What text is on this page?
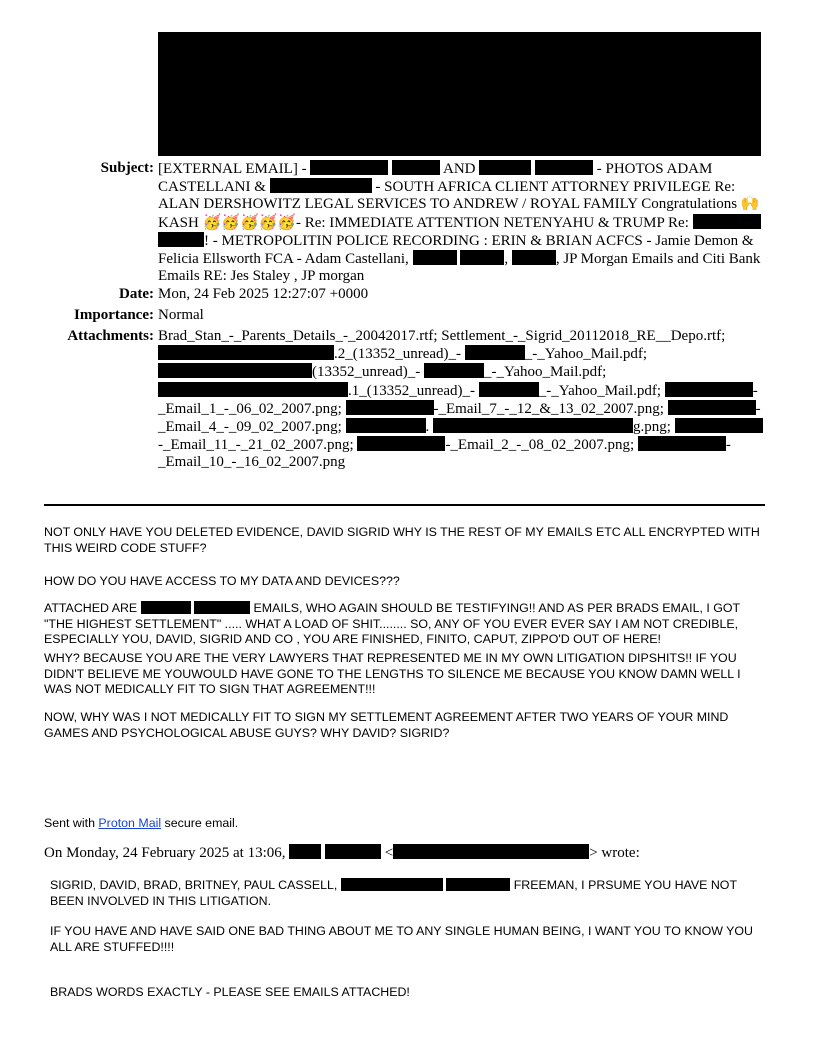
Subject: [EXTERNAL EMAIL] -	AND	- PHOTOS ADAM CASTELLANI &	- SOUTH AFRICA CLIENT ATTORNEY PRIVILEGE Re: ALAN DERSHOWITZ LEGAL SERVICES TO ANDREW / ROYAL FAMILY Congratulations 🙌 KASH 🥳🥳🥳🥳🥳- Re: IMMEDIATE ATTENTION NETENYAHU & TRUMP Re:  ! - METROPOLITIN POLICE RECORDING : ERIN & BRIAN ACFCS - Jamie Demon & Felicia Ellsworth FCA - Adam Castellani,	,	, JP Morgan Emails and Citi Bank Emails RE: Jes Staley , JP morgan
Date: Mon, 24 Feb 2025 12:27:07 +0000
Importance: Normal
Attachments: Brad_Stan_-_Parents_Details_-_20042017.rtf; Settlement_-_Sigrid_20112018_RE__Depo.rtf; .2_(13352_unread)_-	_-_Yahoo_Mail.pdf; (13352_unread)_-	_-_Yahoo_Mail.pdf; .1_(13352_unread)_-	_-_Yahoo_Mail.pdf;	-_Email_1_-_06_02_2007.png;	-_Email_7_-_12_&_13_02_2007.png;	-_Email_4_-_09_02_2007.png;	.	g.png; -_Email_11_-_21_02_2007.png;	-_Email_2_-_08_02_2007.png;	-_Email_10_-_16_02_2007.png
NOT ONLY HAVE YOU DELETED EVIDENCE, DAVID SIGRID WHY IS THE REST OF MY EMAILS ETC ALL ENCRYPTED WITH THIS WEIRD CODE STUFF?
HOW DO YOU HAVE ACCESS TO MY DATA AND DEVICES???
ATTACHED ARE	EMAILS, WHO AGAIN SHOULD BE TESTIFYING!! AND AS PER BRADS EMAIL, I GOT "THE HIGHEST SETTLEMENT" ..... WHAT A LOAD OF SHIT........ SO, ANY OF YOU EVER EVER SAY I AM NOT CREDIBLE, ESPECIALLY YOU, DAVID, SIGRID AND CO , YOU ARE FINISHED, FINITO, CAPUT, ZIPPO'D OUT OF HERE!
WHY? BECAUSE YOU ARE THE VERY LAWYERS THAT REPRESENTED ME IN MY OWN LITIGATION DIPSHITS!! IF YOU DIDN'T BELIEVE ME YOUWOULD HAVE GONE TO THE LENGTHS TO SILENCE ME BECAUSE YOU KNOW DAMN WELL I WAS NOT MEDICALLY FIT TO SIGN THAT AGREEMENT!!!
NOW, WHY WAS I NOT MEDICALLY FIT TO SIGN MY SETTLEMENT AGREEMENT AFTER TWO YEARS OF YOUR MIND GAMES AND PSYCHOLOGICAL ABUSE GUYS? WHY DAVID? SIGRID?
Sent with Proton Mail secure email.
On Monday, 24 February 2025 at 13:06,	<	> wrote:
SIGRID, DAVID, BRAD, BRITNEY, PAUL CASSELL,	FREEMAN, I PRSUME YOU HAVE NOT BEEN INVOLVED IN THIS LITIGATION.
IF YOU HAVE AND HAVE SAID ONE BAD THING ABOUT ME TO ANY SINGLE HUMAN BEING, I WANT YOU TO KNOW YOU ALL ARE STUFFED!!!!
BRADS WORDS EXACTLY - PLEASE SEE EMAILS ATTACHED!
